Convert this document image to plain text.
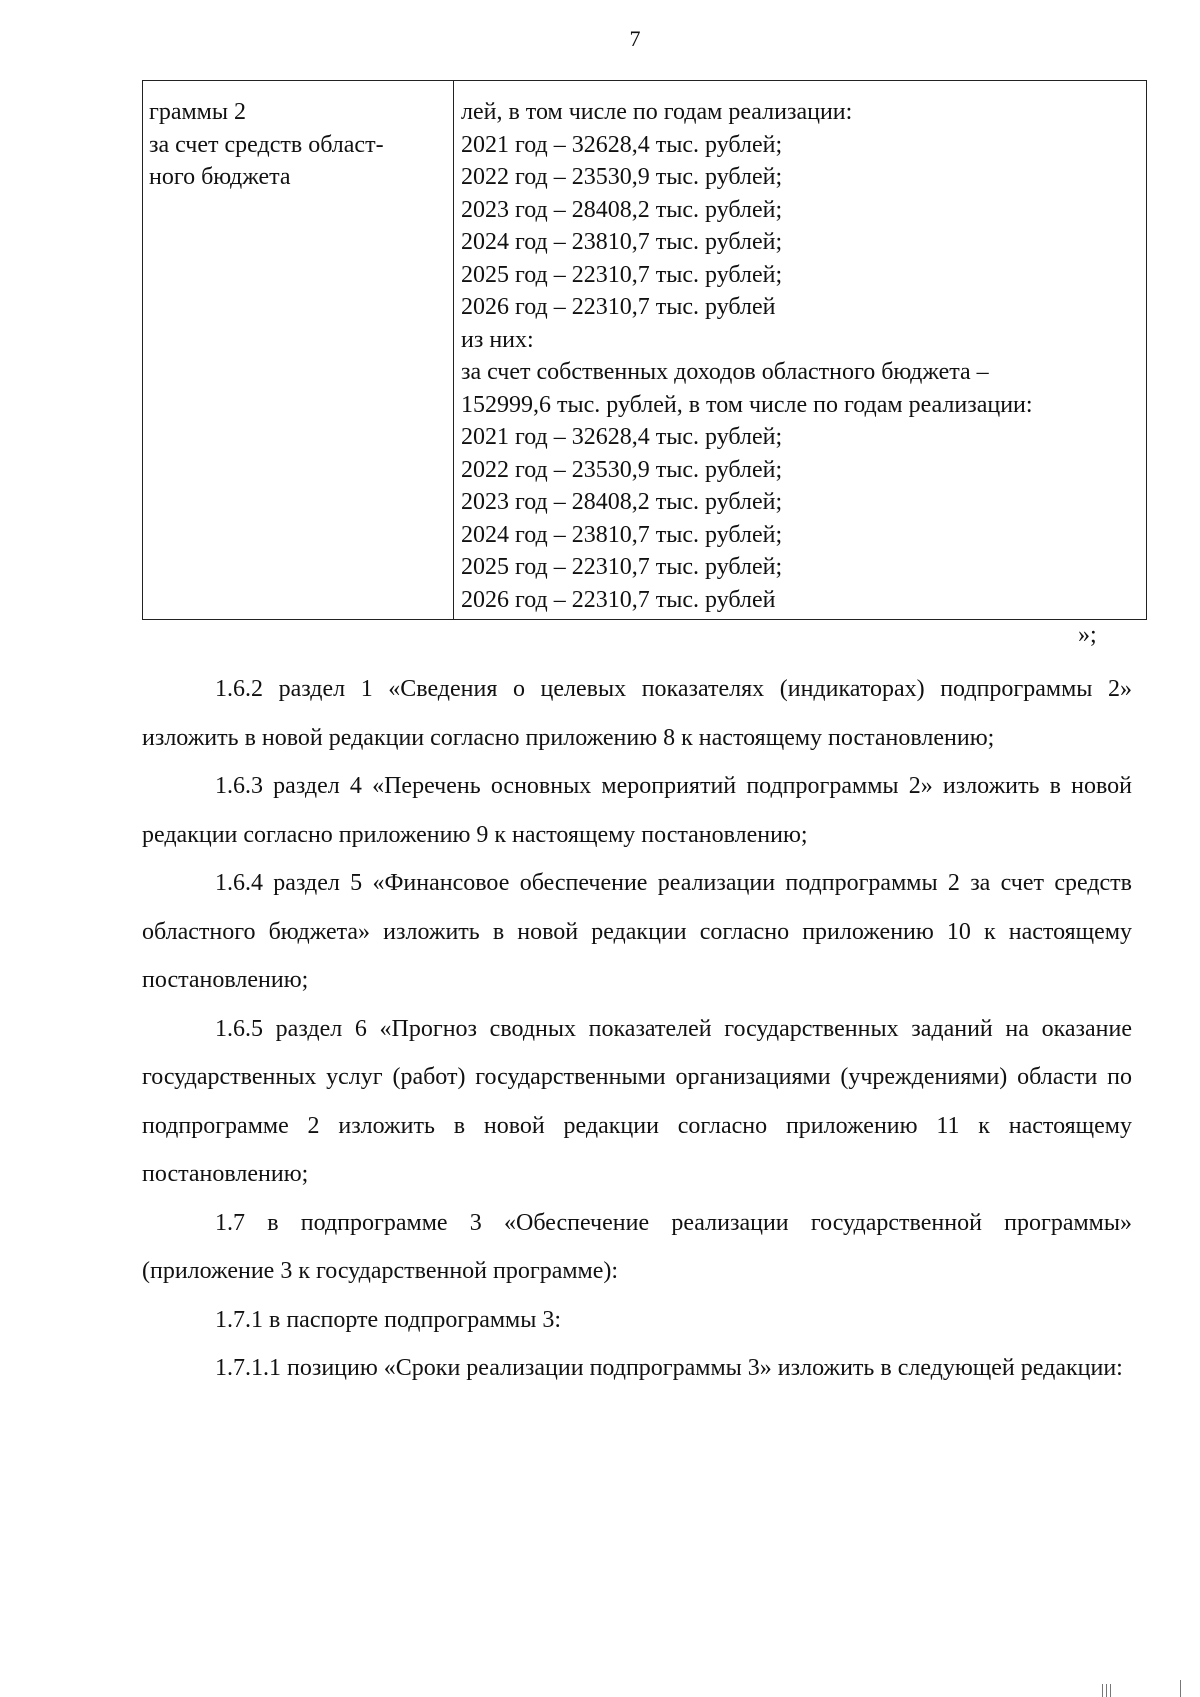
7
граммы 2
за счет средств област-
ного бюджета
лей, в том числе по годам реализации:
2021 год – 32628,4 тыс. рублей;
2022 год – 23530,9 тыс. рублей;
2023 год – 28408,2 тыс. рублей;
2024 год – 23810,7 тыс. рублей;
2025 год – 22310,7 тыс. рублей;
2026 год – 22310,7 тыс. рублей
из них:
за счет собственных доходов областного бюджета –
152999,6 тыс. рублей, в том числе по годам реализации:
2021 год – 32628,4 тыс. рублей;
2022 год – 23530,9 тыс. рублей;
2023 год – 28408,2 тыс. рублей;
2024 год – 23810,7 тыс. рублей;
2025 год – 22310,7 тыс. рублей;
2026 год – 22310,7 тыс. рублей
»;

1.6.2 раздел 1 «Сведения о целевых показателях (индикаторах) подпрограммы 2» изложить в новой редакции согласно приложению 8 к настоящему постановлению;

1.6.3 раздел 4 «Перечень основных мероприятий подпрограммы 2» изложить в новой редакции согласно приложению 9 к настоящему постановлению;

1.6.4 раздел 5 «Финансовое обеспечение реализации подпрограммы 2 за счет средств областного бюджета» изложить в новой редакции согласно приложению 10 к настоящему постановлению;

1.6.5 раздел 6 «Прогноз сводных показателей государственных заданий на оказание государственных услуг (работ) государственными организациями (учреждениями) области по подпрограмме 2 изложить в новой редакции согласно приложению 11 к настоящему постановлению;

1.7 в подпрограмме 3 «Обеспечение реализации государственной программы» (приложение 3 к государственной программе):

1.7.1 в паспорте подпрограммы 3:

1.7.1.1 позицию «Сроки реализации подпрограммы 3» изложить в следующей редакции:
